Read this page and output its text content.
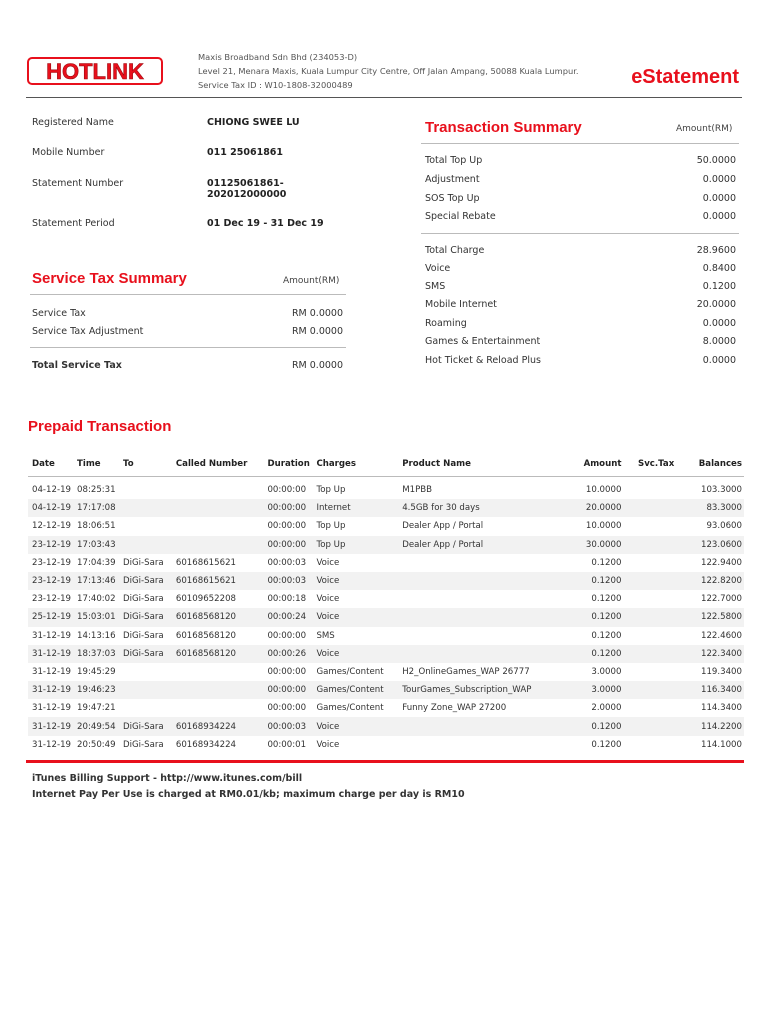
HOTLINK
Maxis Broadband Sdn Bhd (234053-D)
Level 21, Menara Maxis, Kuala Lumpur City Centre, Off Jalan Ampang, 50088 Kuala Lumpur.
Service Tax ID : W10-1808-32000489	eStatement
Registered Name	CHIONG SWEE LU
Mobile Number	011 25061861
Statement Number	01125061861-
202012000000
Statement Period	01 Dec 19 - 31 Dec 19
Service Tax Summary	Amount(RM)
Service Tax	RM 0.0000
Service Tax Adjustment	RM 0.0000
Total Service Tax	RM 0.0000
Transaction Summary	Amount(RM)
Total Top Up	50.0000
Adjustment	0.0000
SOS Top Up	0.0000
Special Rebate	0.0000
Total Charge	28.9600
Voice	0.8400
SMS	0.1200
Mobile Internet	20.0000
Roaming	0.0000
Games & Entertainment	8.0000
Hot Ticket & Reload Plus	0.0000
Prepaid Transaction
Date	Time	To	Called Number	Duration	Charges	Product Name	Amount	Svc.Tax	Balances

04-12-19	08:25:31			00:00:00	Top Up	M1PBB	10.0000		103.3000
04-12-19	17:17:08			00:00:00	Internet	4.5GB for 30 days	20.0000		83.3000
12-12-19	18:06:51			00:00:00	Top Up	Dealer App / Portal	10.0000		93.0600
23-12-19	17:03:43			00:00:00	Top Up	Dealer App / Portal	30.0000		123.0600
23-12-19	17:04:39	DiGi-Sara	60168615621	00:00:03	Voice		0.1200		122.9400
23-12-19	17:13:46	DiGi-Sara	60168615621	00:00:03	Voice		0.1200		122.8200
23-12-19	17:40:02	DiGi-Sara	60109652208	00:00:18	Voice		0.1200		122.7000
25-12-19	15:03:01	DiGi-Sara	60168568120	00:00:24	Voice		0.1200		122.5800
31-12-19	14:13:16	DiGi-Sara	60168568120	00:00:00	SMS		0.1200		122.4600
31-12-19	18:37:03	DiGi-Sara	60168568120	00:00:26	Voice		0.1200		122.3400
31-12-19	19:45:29			00:00:00	Games/Content	H2_OnlineGames_WAP 26777	3.0000		119.3400
31-12-19	19:46:23			00:00:00	Games/Content	TourGames_Subscription_WAP	3.0000		116.3400
31-12-19	19:47:21			00:00:00	Games/Content	Funny Zone_WAP 27200	2.0000		114.3400
31-12-19	20:49:54	DiGi-Sara	60168934224	00:00:03	Voice		0.1200		114.2200
31-12-19	20:50:49	DiGi-Sara	60168934224	00:00:01	Voice		0.1200		114.1000
iTunes Billing Support - http://www.itunes.com/bill
Internet Pay Per Use is charged at RM0.01/kb; maximum charge per day is RM10
